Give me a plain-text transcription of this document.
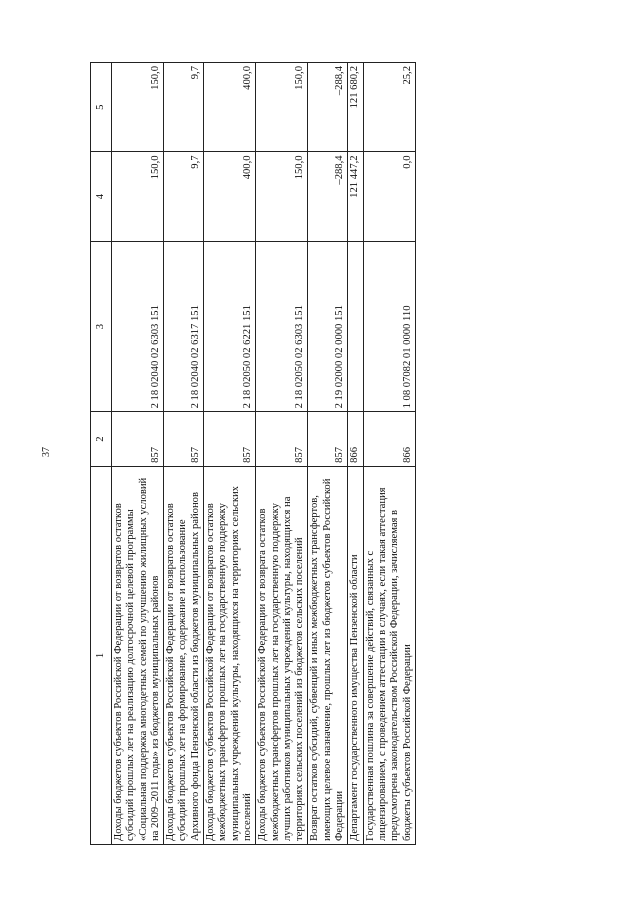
37
1	2	3	4	5
Доходы бюджетов субъектов Российской Федерации от возвратов остатков субсидий прошлых лет на реализацию долгосрочной целевой программы «Социальная поддержка многодетных семей по улучшению жилищных условий на 2009–2011 годы» из бюджетов муниципальных районов	857	2 18 02040 02 6303 151	150,0	150,0
Доходы бюджетов субъектов Российской Федерации от возвратов остатков субсидий прошлых лет на формирование, содержание и использование Архивного фонда Пензенской области из бюджетов муниципальных районов	857	2 18 02040 02 6317 151	9,7	9,7
Доходы бюджетов субъектов Российской Федерации от возвратов остатков межбюджетных трансфертов прошлых лет на государственную поддержку муниципальных учреждений культуры, находящихся на территориях сельских поселений	857	2 18 02050 02 6221 151	400,0	400,0
Доходы бюджетов субъектов Российской Федерации от возврата остатков межбюджетных трансфертов прошлых лет на государственную поддержку лучших работников муниципальных учреждений культуры, находящихся на территориях сельских поселений из бюджетов сельских поселений	857	2 18 02050 02 6303 151	150,0	150,0
Возврат остатков субсидий, субвенций и иных межбюджетных трансфертов, имеющих целевое назначение, прошлых лет из бюджетов субъектов Российской Федерации	857	2 19 02000 02 0000 151	–288,4	–288,4
Департамент государственного имущества Пензенской области	866		121 447,2	121 680,2
Государственная пошлина за совершение действий, связанных с лицензированием, с проведением аттестации в случаях, если такая аттестация предусмотрена законодательством Российской Федерации, зачисляемая в бюджеты субъектов Российской Федерации	866	1 08 07082 01 0000 110	0,0	25,2
